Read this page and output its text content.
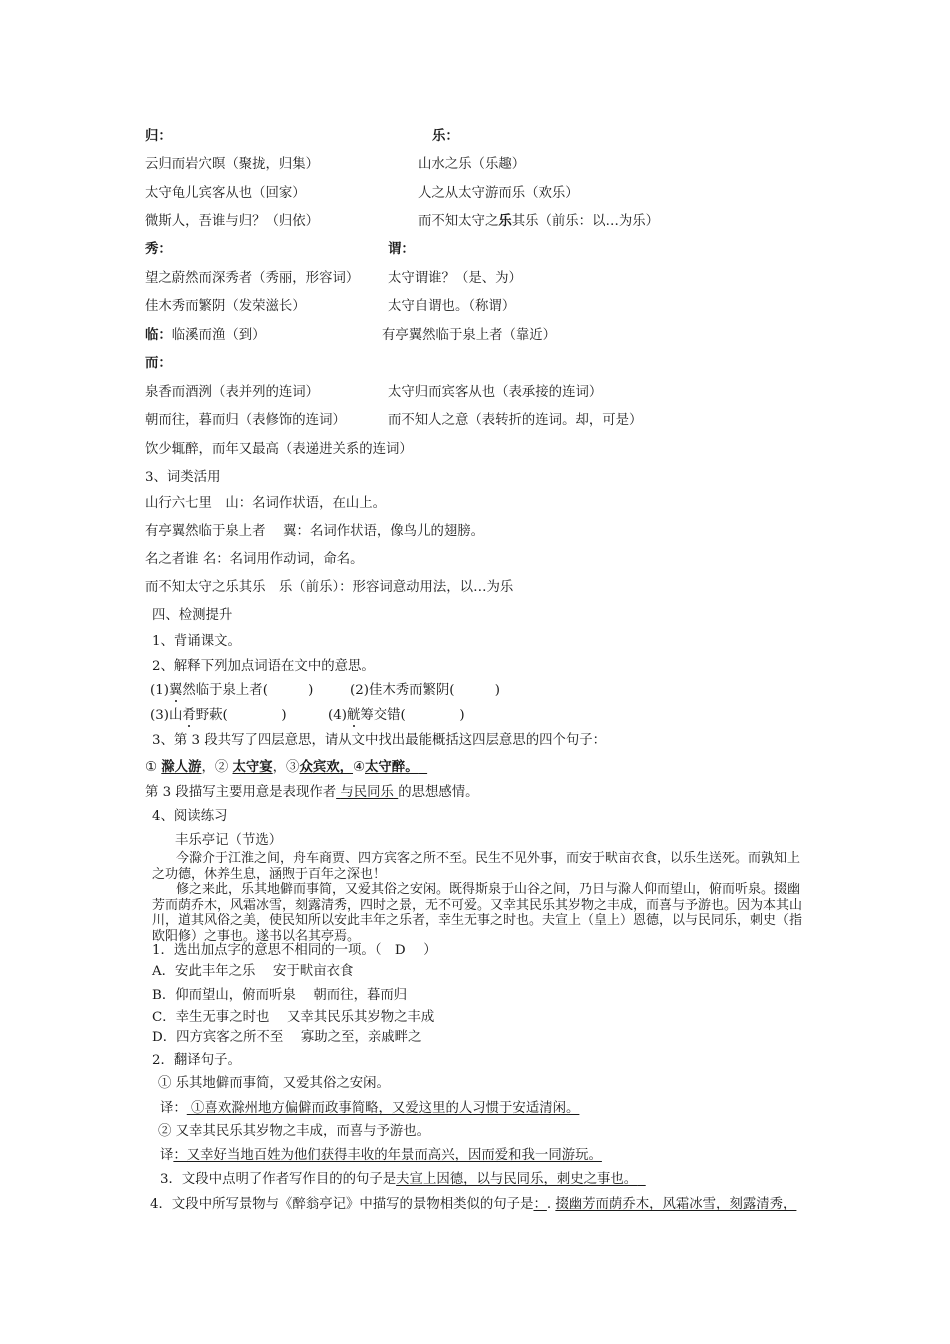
归：	乐：
云归而岩穴暝（聚拢，归集）	山水之乐（乐趣）
太守龟儿宾客从也（回家）	人之从太守游而乐（欢乐）
微斯人，吾谁与归？（归依）	而不知太守之乐其乐（前乐：以…为乐）
秀：	谓：
望之蔚然而深秀者（秀丽，形容词） 太守谓谁？（是、为）
佳木秀而繁阴（发荣滋长）	太守自谓也。（称谓）
临：临溪而渔（到）	有亭翼然临于泉上者（靠近）
而：
泉香而酒洌（表并列的连词）	太守归而宾客从也（表承接的连词）
朝而往，暮而归（表修饰的连词）	而不知人之意（表转折的连词。却，可是）
饮少辄醉，而年又最高（表递进关系的连词）
3、词类活用
山行六七里　山：名词作状语，在山上。
有亭翼然临于泉上者　 翼：名词作状语，像鸟儿的翅膀。
名之者谁 名：名词用作动词，命名。
而不知太守之乐其乐　乐（前乐）：形容词意动用法，以…为乐
四、检测提升
1、背诵课文。
2、解释下列加点词语在文中的意思。
(1)翼然临于泉上者(　　　)	(2)佳木秀而繁阴(　　　)
(3)山肴野蔌(　　　　)	(4)觥筹交错(　　　　)
3、第 3 段共写了四层意思，请从文中找出最能概括这四层意思的四个句子：
① 滁人游，② 太守宴，③众宾欢，④太守醉。
第 3 段描写主要用意是表现作者 与民同乐 的思想感情。
4、阅读练习
丰乐亭记（节选）
今滁介于江淮之间，舟车商贾、四方宾客之所不至。民生不见外事，而安于畎亩衣食，以乐生送死。而孰知上之功德，休养生息，涵煦于百年之深也！
修之来此，乐其地僻而事简，又爱其俗之安闲。既得斯泉于山谷之间，乃日与滁人仰而望山，俯而听泉。掇幽芳而荫乔木，风霜冰雪，刻露清秀，四时之景，无不可爱。又幸其民乐其岁物之丰成，而喜与予游也。因为本其山川，道其风俗之美，使民知所以安此丰年之乐者，幸生无事之时也。夫宣上（皇上）恩德，以与民同乐，刺史（指欧阳修）之事也。遂书以名其亭焉。
1．选出加点字的意思不相同的一项。（　D　 ）
A．安此丰年之乐　 安于畎亩衣食
B．仰而望山，俯而听泉　 朝而往，暮而归
C．幸生无事之时也　 又幸其民乐其岁物之丰成
D．四方宾客之所不至　 寡助之至，亲戚畔之
2．翻译句子。
① 乐其地僻而事简，又爱其俗之安闲。
译： ①喜欢滁州地方偏僻而政事简略，又爱这里的人习惯于安适清闲。
② 又幸其民乐其岁物之丰成，而喜与予游也。
译：又幸好当地百姓为他们获得丰收的年景而高兴，因而爱和我一同游玩。
3．文段中点明了作者写作目的的句子是夫宣上因德，以与民同乐，刺史之事也。
4．文段中所写景物与《醉翁亭记》中描写的景物相类似的句子是：. 掇幽芳而荫乔木，风霜冰雪，刻露清秀，
